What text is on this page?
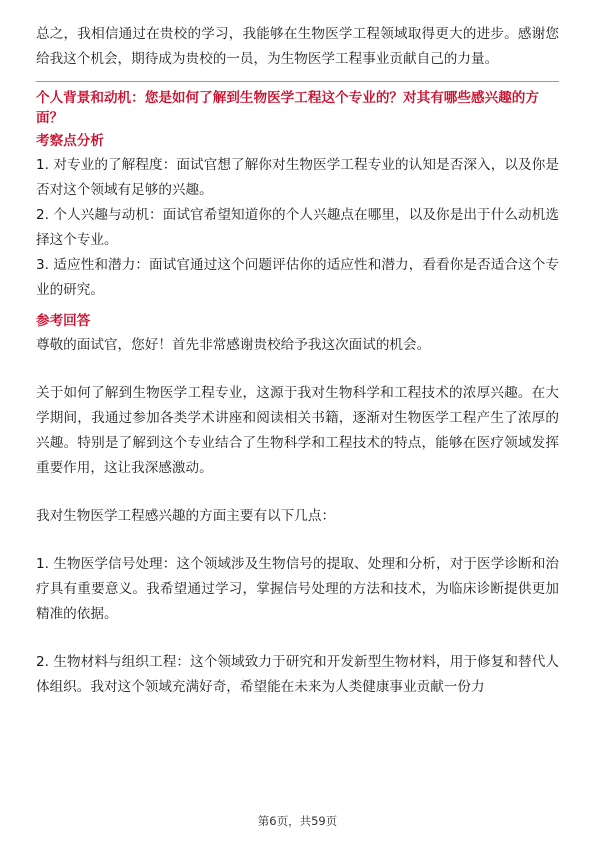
总之，我相信通过在贵校的学习，我能够在生物医学工程领域取得更大的进步。感谢您给我这个机会，期待成为贵校的一员，为生物医学工程事业贡献自己的力量。

个人背景和动机：您是如何了解到生物医学工程这个专业的？对其有哪些感兴趣的方面？

考察点分析

1. 对专业的了解程度：面试官想了解你对生物医学工程专业的认知是否深入，以及你是否对这个领域有足够的兴趣。

2. 个人兴趣与动机：面试官希望知道你的个人兴趣点在哪里，以及你是出于什么动机选择这个专业。

3. 适应性和潜力：面试官通过这个问题评估你的适应性和潜力，看看你是否适合这个专业的研究。

参考回答

尊敬的面试官，您好！首先非常感谢贵校给予我这次面试的机会。

关于如何了解到生物医学工程专业，这源于我对生物科学和工程技术的浓厚兴趣。在大学期间，我通过参加各类学术讲座和阅读相关书籍，逐渐对生物医学工程产生了浓厚的兴趣。特别是了解到这个专业结合了生物科学和工程技术的特点，能够在医疗领域发挥重要作用，这让我深感激动。

我对生物医学工程感兴趣的方面主要有以下几点：

1. 生物医学信号处理：这个领域涉及生物信号的提取、处理和分析，对于医学诊断和治疗具有重要意义。我希望通过学习，掌握信号处理的方法和技术，为临床诊断提供更加精准的依据。

2. 生物材料与组织工程：这个领域致力于研究和开发新型生物材料，用于修复和替代人体组织。我对这个领域充满好奇，希望能在未来为人类健康事业贡献一份力

第6页，共59页
